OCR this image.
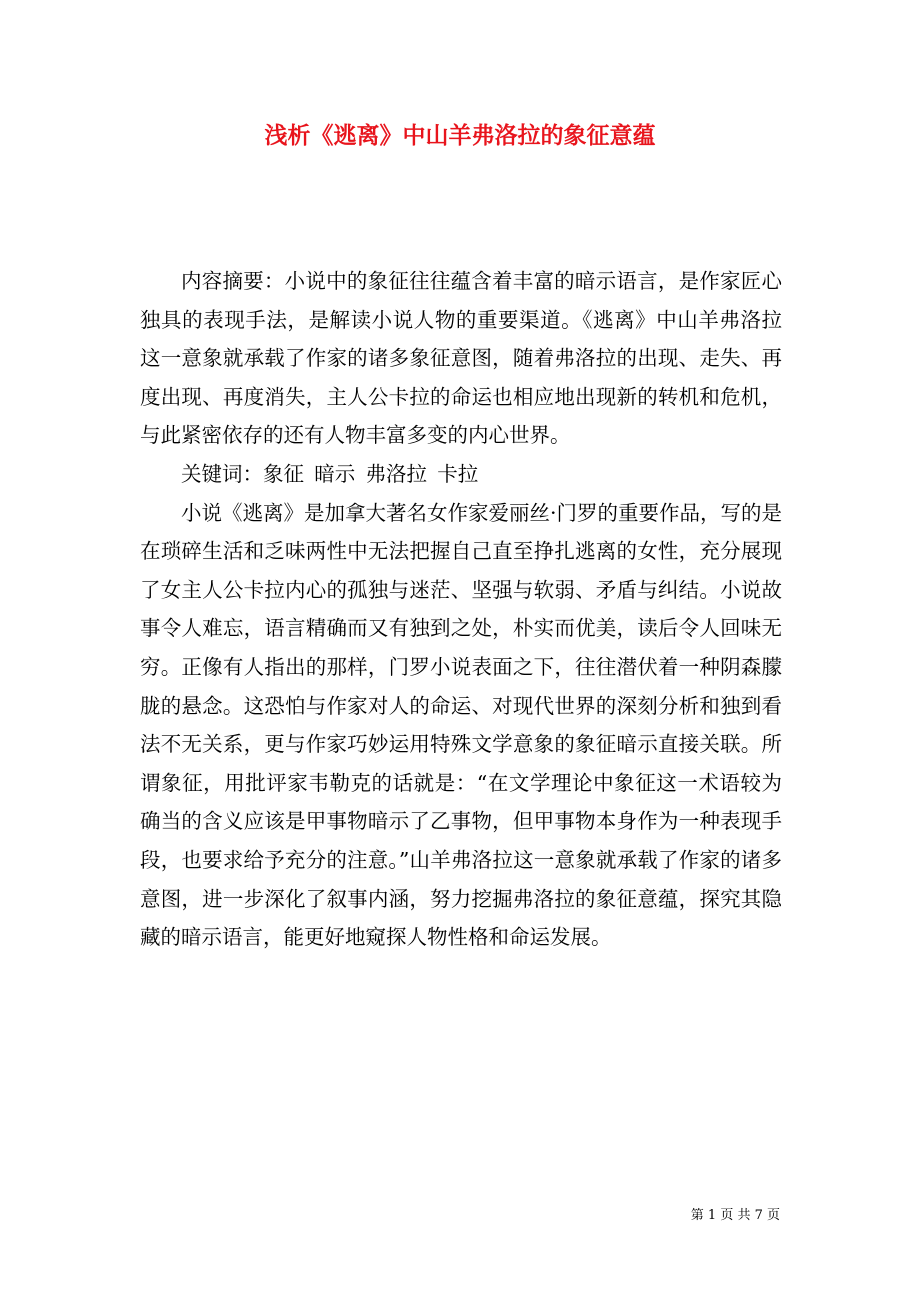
浅析《逃离》中山羊弗洛拉的象征意蕴

内容摘要：小说中的象征往往蕴含着丰富的暗示语言，是作家匠心独具的表现手法，是解读小说人物的重要渠道。《逃离》中山羊弗洛拉这一意象就承载了作家的诸多象征意图，随着弗洛拉的出现、走失、再度出现、再度消失，主人公卡拉的命运也相应地出现新的转机和危机，与此紧密依存的还有人物丰富多变的内心世界。

关键词：象征 暗示 弗洛拉 卡拉

小说《逃离》是加拿大著名女作家爱丽丝·门罗的重要作品，写的是在琐碎生活和乏味两性中无法把握自己直至挣扎逃离的女性，充分展现了女主人公卡拉内心的孤独与迷茫、坚强与软弱、矛盾与纠结。小说故事令人难忘，语言精确而又有独到之处，朴实而优美，读后令人回味无穷。正像有人指出的那样，门罗小说表面之下，往往潜伏着一种阴森朦胧的悬念。这恐怕与作家对人的命运、对现代世界的深刻分析和独到看法不无关系，更与作家巧妙运用特殊文学意象的象征暗示直接关联。所谓象征，用批评家韦勒克的话就是：“在文学理论中象征这一术语较为确当的含义应该是甲事物暗示了乙事物，但甲事物本身作为一种表现手段，也要求给予充分的注意。”山羊弗洛拉这一意象就承载了作家的诸多意图，进一步深化了叙事内涵，努力挖掘弗洛拉的象征意蕴，探究其隐藏的暗示语言，能更好地窥探人物性格和命运发展。

第 1 页 共 7 页
